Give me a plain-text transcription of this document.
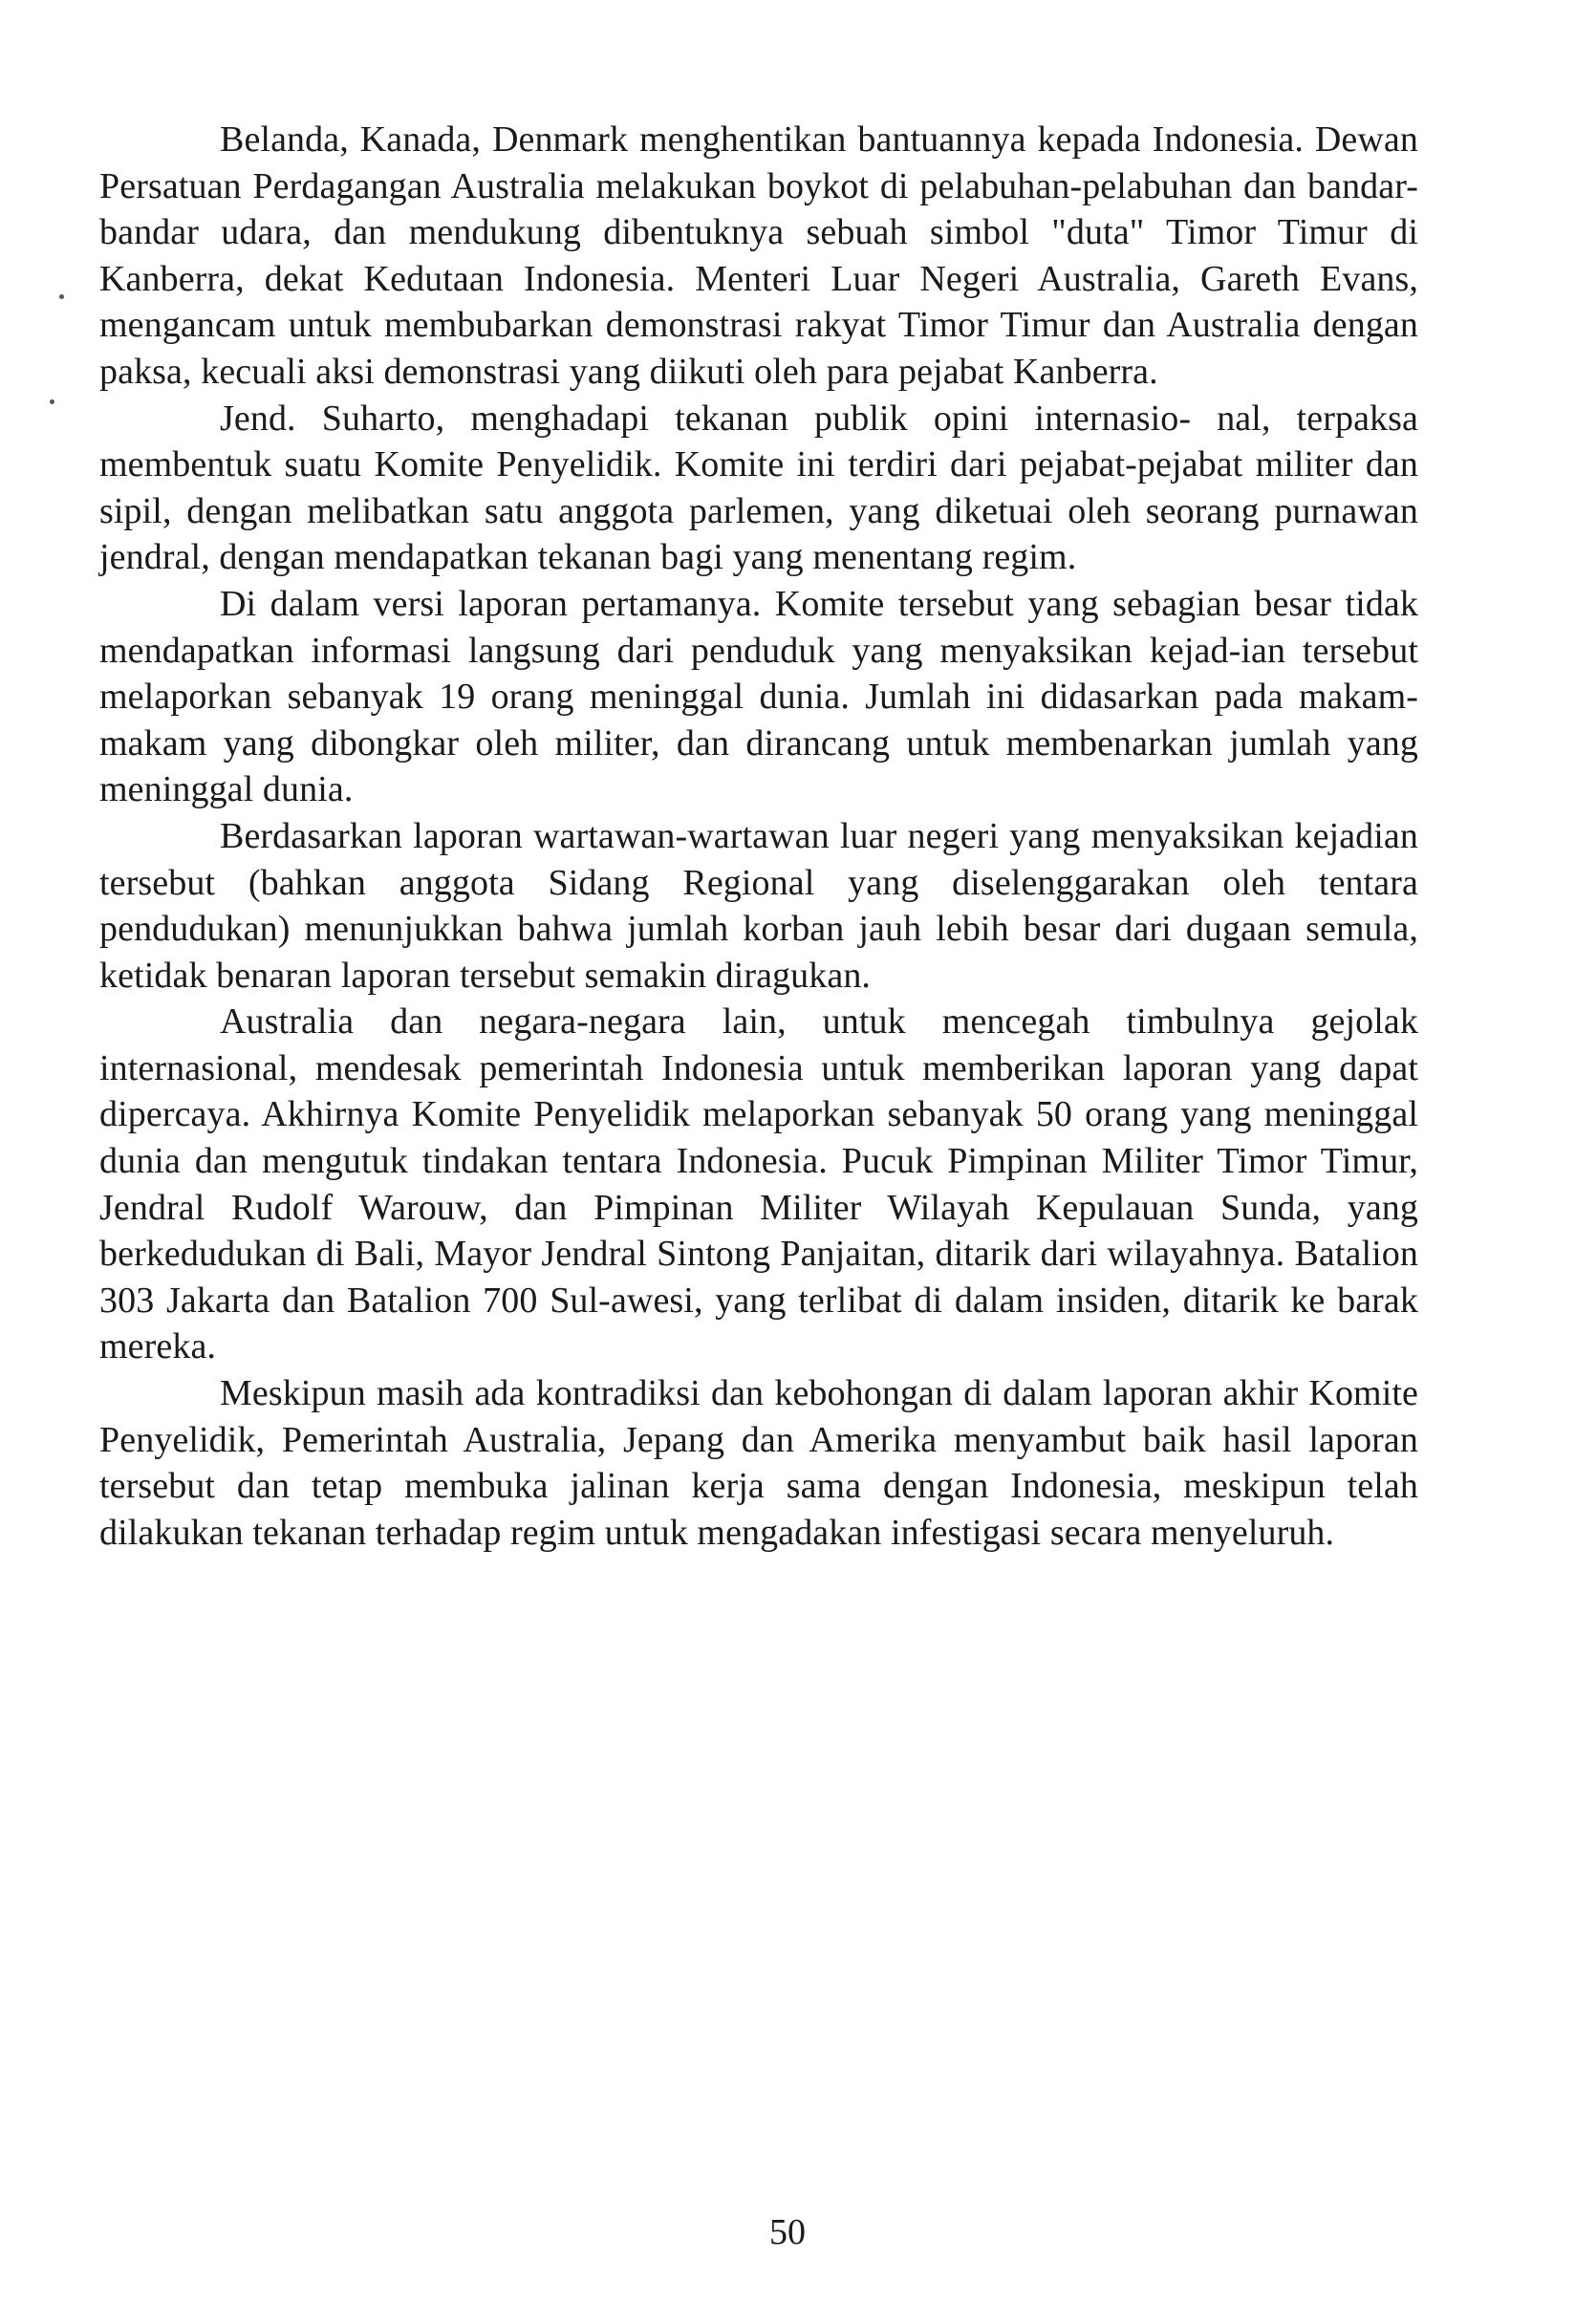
Belanda, Kanada, Denmark menghentikan bantuannya kepada Indonesia. Dewan Persatuan Perdagangan Australia melakukan boykot di pelabuhan-pelabuhan dan bandar-bandar udara, dan mendukung dibentuknya sebuah simbol "duta" Timor Timur di Kanberra, dekat Kedutaan Indonesia. Menteri Luar Negeri Australia, Gareth Evans, mengancam untuk membubarkan demonstrasi rakyat Timor Timur dan Australia dengan paksa, kecuali aksi demonstrasi yang diikuti oleh para pejabat Kanberra.

Jend. Suharto, menghadapi tekanan publik opini internasio- nal, terpaksa membentuk suatu Komite Penyelidik. Komite ini terdiri dari pejabat-pejabat militer dan sipil, dengan melibatkan satu anggota parlemen, yang diketuai oleh seorang purnawan jendral, dengan mendapatkan tekanan bagi yang menentang regim.

Di dalam versi laporan pertamanya. Komite tersebut yang sebagian besar tidak mendapatkan informasi langsung dari penduduk yang menyaksikan kejad-ian tersebut melaporkan sebanyak 19 orang meninggal dunia. Jumlah ini didasarkan pada makam-makam yang dibongkar oleh militer, dan dirancang untuk membenarkan jumlah yang meninggal dunia.

Berdasarkan laporan wartawan-wartawan luar negeri yang menyaksikan kejadian tersebut (bahkan anggota Sidang Regional yang diselenggarakan oleh tentara pendudukan) menunjukkan bahwa jumlah korban jauh lebih besar dari dugaan semula, ketidak benaran laporan tersebut semakin diragukan.

Australia dan negara-negara lain, untuk mencegah timbulnya gejolak internasional, mendesak pemerintah Indonesia untuk memberikan laporan yang dapat dipercaya. Akhirnya Komite Penyelidik melaporkan sebanyak 50 orang yang meninggal dunia dan mengutuk tindakan tentara Indonesia. Pucuk Pimpinan Militer Timor Timur, Jendral Rudolf Warouw, dan Pimpinan Militer Wilayah Kepulauan Sunda, yang berkedudukan di Bali, Mayor Jendral Sintong Panjaitan, ditarik dari wilayahnya. Batalion 303 Jakarta dan Batalion 700 Sul-awesi, yang terlibat di dalam insiden, ditarik ke barak mereka.

Meskipun masih ada kontradiksi dan kebohongan di dalam laporan akhir Komite Penyelidik, Pemerintah Australia, Jepang dan Amerika menyambut baik hasil laporan tersebut dan tetap membuka jalinan kerja sama dengan Indonesia, meskipun telah dilakukan tekanan terhadap regim untuk mengadakan infestigasi secara menyeluruh.

50
